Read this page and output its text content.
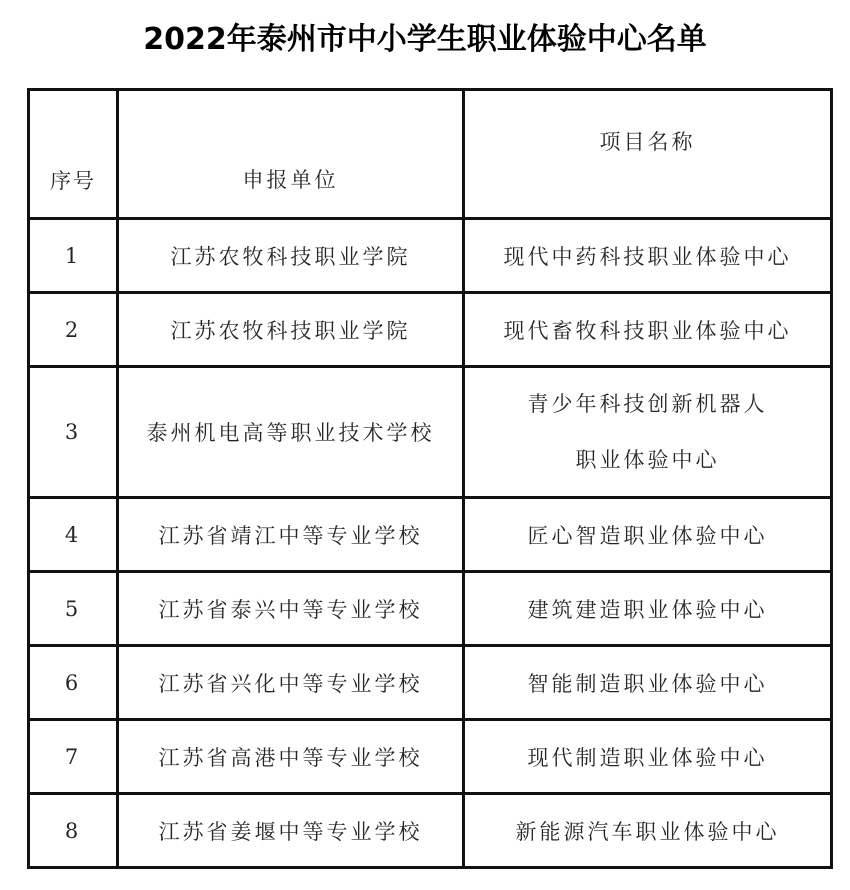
2022年泰州市中小学生职业体验中心名单
序号	申报单位	项目名称

1	江苏农牧科技职业学院	现代中药科技职业体验中心
2	江苏农牧科技职业学院	现代畜牧科技职业体验中心
3	泰州机电高等职业技术学校	青少年科技创新机器人
职业体验中心

4	江苏省靖江中等专业学校	匠心智造职业体验中心
5	江苏省泰兴中等专业学校	建筑建造职业体验中心
6	江苏省兴化中等专业学校	智能制造职业体验中心
7	江苏省高港中等专业学校	现代制造职业体验中心
8	江苏省姜堰中等专业学校	新能源汽车职业体验中心
